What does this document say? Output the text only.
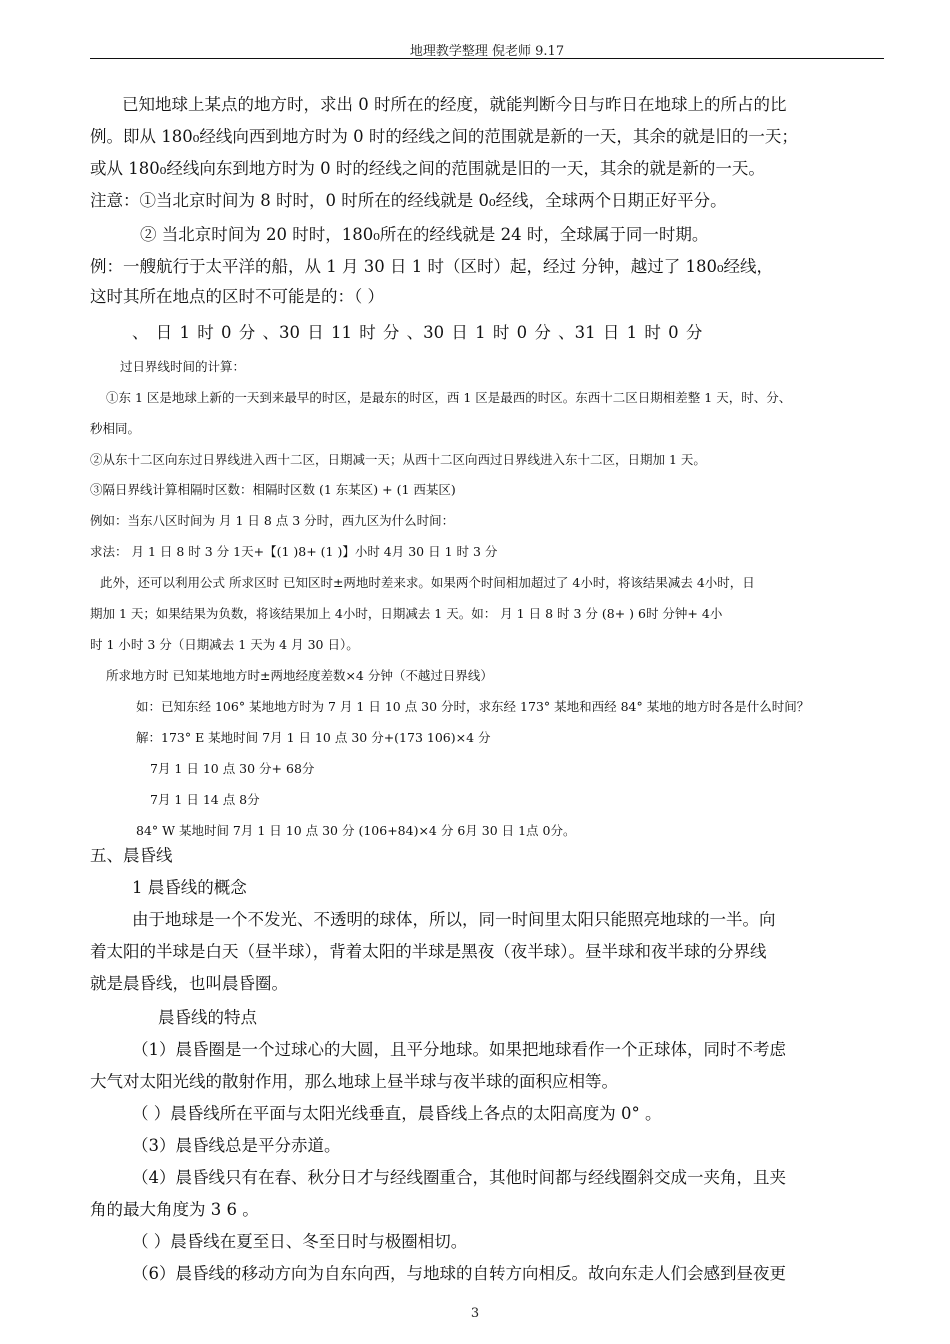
地理教学整理 倪老师 9.17
已知地球上某点的地方时，求出 0 时所在的经度，就能判断今日与昨日在地球上的所占的比
例。即从 180₀经线向西到地方时为 0 时的经线之间的范围就是新的一天，其余的就是旧的一天；
或从 180₀经线向东到地方时为 0 时的经线之间的范围就是旧的一天，其余的就是新的一天。
注意：①当北京时间为 8 时时，0 时所在的经线就是 0₀经线，全球两个日期正好平分。
② 当北京时间为 20 时时，180₀所在的经线就是 24 时，全球属于同一时期。
例：一艘航行于太平洋的船，从 1 月 30 日 1 时（区时）起，经过 分钟，越过了 180₀经线，
这时其所在地点的区时不可能是的：（ ）
、 日 1 时 0 分 、30 日 11 时 分 、30 日 1 时 0 分 、31 日 1 时 0 分
过日界线时间的计算：
①东 1 区是地球上新的一天到来最早的时区，是最东的时区，西 1 区是最西的时区。东西十二区日期相差整 1 天，时、分、
秒相同。
②从东十二区向东过日界线进入西十二区，日期减一天；从西十二区向西过日界线进入东十二区，日期加 1 天。
③隔日界线计算相隔时区数：相隔时区数 (1 东某区) + (1 西某区)
例如：当东八区时间为 月 1 日 8 点 3 分时，西九区为什么时间：
求法： 月 1 日 8 时 3 分 1天+【(1 )8+ (1 )】小时 4月 30 日 1 时 3 分
此外，还可以利用公式 所求区时 已知区时±两地时差来求。如果两个时间相加超过了 4小时，将该结果减去 4小时，日
期加 1 天；如果结果为负数，将该结果加上 4小时，日期减去 1 天。如： 月 1 日 8 时 3 分 (8+ ) 6时 分钟+ 4小
时 1 小时 3 分（日期减去 1 天为 4 月 30 日）。
所求地方时 已知某地地方时±两地经度差数×4 分钟（不越过日界线）
如：已知东经 106° 某地地方时为 7 月 1 日 10 点 30 分时，求东经 173° 某地和西经 84° 某地的地方时各是什么时间？
解：173° E 某地时间 7月 1 日 10 点 30 分+(173 106)×4 分
7月 1 日 10 点 30 分+ 68分
7月 1 日 14 点 8分
84° W 某地时间 7月 1 日 10 点 30 分 (106+84)×4 分 6月 30 日 1点 0分。
五、晨昏线
1 晨昏线的概念
由于地球是一个不发光、不透明的球体，所以，同一时间里太阳只能照亮地球的一半。向
着太阳的半球是白天（昼半球），背着太阳的半球是黑夜（夜半球）。昼半球和夜半球的分界线
就是晨昏线，也叫晨昏圈。
晨昏线的特点
（1）晨昏圈是一个过球心的大圆，且平分地球。如果把地球看作一个正球体，同时不考虑
大气对太阳光线的散射作用，那么地球上昼半球与夜半球的面积应相等。
（ ）晨昏线所在平面与太阳光线垂直，晨昏线上各点的太阳高度为 0° 。
（3）晨昏线总是平分赤道。
（4）晨昏线只有在春、秋分日才与经线圈重合，其他时间都与经线圈斜交成一夹角，且夹
角的最大角度为 3 6 。
（ ）晨昏线在夏至日、冬至日时与极圈相切。
（6）晨昏线的移动方向为自东向西，与地球的自转方向相反。故向东走人们会感到昼夜更
3
